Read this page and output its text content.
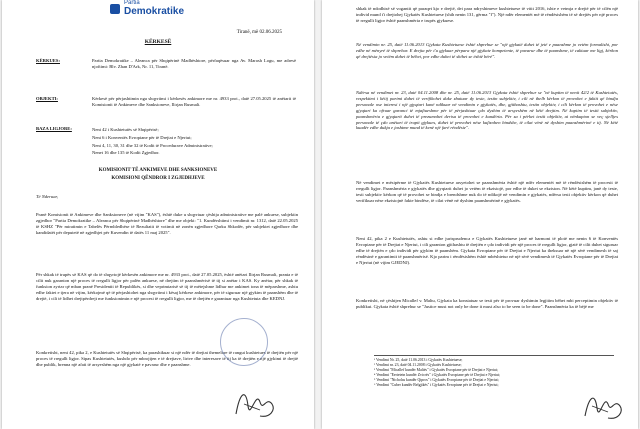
Partia
Demokratike
Tiranë, më 02.06.2025
KËRKESË
KËRKUES:	Partia Demokratike – Aleanca për Shqipërinë Madhështore, përfaqësuar nga Av. Marash Logu, me adresë njoftimi: Blv. Zhan D'Ark, Nr. 11, Tiranë.
OBJEKTI:	Kërkesë për përjashtimin nga shqyrtimi i kërkesës ankimore me nr. 4933 prot., datë 27.05.2025 të anëtarit të Komisionit të Ankimeve dhe Sanksioneve, Ilirjan Rusmali.
BAZA LIGJORE:	Neni 42 i Kushtetutës së Shqipërisë;
Neni 6 i Konventës Evropiane për të Drejtat e Njeriut;
Neni 4, 11, 30, 31 dhe 32 të Kodit të Procedurave Administrative;
Nenet 16 dhe 135 të Kodit Zgjedhor.
KOMISIONIT TË ANKIMEVE DHE SANKSIONEVE
KOMISIONI QËNDROR I ZGJEDHJEVE
Të Nderuar,
Pranë Komisionit të Ankimeve dhe Sanksioneve (në vijim "KAS"), është duke u shqyrtuar çështja administrative me palë ankuese, subjektin zgjedhor "Partia Demokratike – Aleanca për Shqipërinë Madhështore" dhe me objekt: "1. Kundërshtimi i vendimit nr. 1312, datë 22.05.2025 të KSHZ "Për miratimin e Tabelës Përmbledhëse të Rezultatit të votimit në zonën zgjedhore Qarku Shkodër, për subjektet zgjedhore dhe kandidatët për deputetë në zgjedhjet për Kuvendin të datës 11 maj 2025".
Për shkak të trupës së KAS që do të shqyrtojë kërkesën ankimore me nr. 4933 prot., datë 27.05.2025, është anëtari Ilirjan Rusmali, prania e të cilit nuk garanton një proces të rregullt ligjor për palën ankuese, në drejtim të paanshmërisë të tij si anëtar i KAS. Ky anëtar, për shkak të funksion zyrtar që mban pranë Presidentit të Republikës, si dhe veprimtarisë së tij të mëtejshme lidhur me ankimet tona të mëparshme, ashtu edhe faktet e tjera në vijim, kërkojmë që të përjashtohet nga shqyrtimi i kësaj kërkese ankimore, për të siguruar një gjykim të paanshëm dhe të drejtë, i cili të lidhet drejtpërdrejt me funksionimin e një procesi të rregullt ligjor, me të drejtën e garantuar nga Kushtetuta dhe KEDNJ.
Konkretisht, neni 42, pika 2, e Kushtetutës së Shqipërisë, ka parashikuar si një ndër të drejtat themelore të rangut kushtetues të drejtën për një proces të rregullt ligjor. Sipas Kushtetutës, kushdo për mbrojtjen e të drejtave, lirive dhe interesave të tij ka të drejtën e një gjykimi të drejtë dhe publik, brenna një afati të arsyeshëm nga një gjykatë e pavarur dhe e paanshme.
shkak të ndodhisë së vogantit që paraqet kjo e drejtë, dei para ndryshimeve kushtetuese të vitit 2016, ishte e vetmja e drejtë për të cilën një individ mund t'i drejtohej Gjykatës Kushtetuese (shih nenin 131, gërma "f"). Një ndër elementët më të rëndësishëm të së drejtës për një proces të rregullt ligjor është paanshmëria e trupës gjykuese.
Në vendimin nr. 25, datë 11.06.2013 Gjykata Kushtetuese është shprehur se "një gjykatë duhet të jetë e paanshme jo vetëm formalisht, por edhe në mënyrë të shprehur. E drejta për t'u gjykuar përpara një gjykate kompetente, të pavarur dhe të paanshme, të caktuar me ligj, kërkon që drejtësia jo vetëm duhet të bëhet, por edhe duhet të shihet se është bërë".
Ndërsa në vendimet nr. 23, datë 04.11.2008 dhe nr. 25, datë 11.06.2013 Gjykata është shprehur se "në kuptim të nenit 42/2 të Kushtetutës, respektimi i këtij parimi duhet të verifikohet duke zbatuar dy teste, testin subjektiv, i cili në thelb kërkon të provohet e faktit që bindja personale ose interesi i një gjyqtari kanë ndikuar në vendimin e gjykatës, dhe, gjithashtu, testin objektiv, i cili kërkon të provohet e nëse gjyqtari ka ofruar garanci të mjaftueshme për të përjashtuar çdo dyshim të arsyeshëm në këtë drejtim. Në kuptim të testit subjektiv, paanshmëria e gjyqtarit duhet të prezumohet derisa të provohet e kundërta. Për sa i përket testit objektiv, ai nënkupton se veç sjelljes personale të çdo anëtari të trupit gjykues, duhet të provohet nëse kufizohen bindshe, të cilat vënë në dyshim paanshmërinë e tij. Në këtë kuadër edhe dukja e jashtme mund të kenë një farë rëndësie".
Në vendimet e mësipërme të Gjykatës Kushtetuese arsyetohet se paanshmëria është një ndër elementët më të rëndësishëm të procesit të rregullt ligjor. Paanshmëria e gjykatës dhe gjyqtarit duhet jo vetëm të ekzistojë, por edhe të duket se ekziston. Në këtë kuptim, janë dy teste, testi subjektiv kërkon që të provohet se bindja e brendshme nuk do të ndikojë në vendimin e gjykatës, ndërsa testi objektiv kërkon që duhet verifikuar nëse ekzistojnë fakte bindëse, të cilat vënë në dyshim paanshmërinë e gjykatës.
Neni 42, pika 2 e Kushtetutës, ashtu si edhe jurisprudenca e Gjykatës Kushtetuese janë në harmoni të plotë me nenin 6 të Konventës Evropiane për të Drejtat e Njeriut, i cili garanton gjithashtu të drejtën e çdo individi për një proces të rregullt ligjor, gjatë të cilit duhet siguruar edhe të drejtën e çdo individi për gjykim të paanshëm. Gjykata Evropiane për të Drejtat e Njeriut ka theksuar në një sërë vendimesh të saj rëndësinë e garantimit të paanshmërisë. Kjo parim i rëndësishëm është mbështetur në një sërë vendimesh të Gjykatës Evropiane për të Drejtat e Njeriut (në vijim GJEDNJ).
Konkretisht, në çështjen Micallef v. Maltu, Gjykata ka konstatuar se testi për të provuar dyshimin legjitim bëhet mbi perceptimin objektiv të publikut. Gjykata është shprehur se "Justice must not only be done it must also to be seen to be done". Paanshmëria ka të bëjë me
¹ Vendimi Nr. 25, datë 11.06.2013 i Gjykatës Kushtetuese;
² Vendimi nr. 23, datë 04.11.2008 i Gjykatës Kushtetuese;
³ Vendimi "Micallef kundër Maltës" i Gjykatës Evropiane për të Drejtat e Njeriut;
⁴ Vendimi "Eertetein kundër Zvicrës" i Gjykatës Evropiane për të Drejtat e Njeriut;
⁵ Vendimi "Nicholas kundër Qipros" i Gjykatës Evropiane për të Drejtat e Njeriut;
⁶ Vendimi "Cuber kundër Belgjikës" i Gjykatës Evropiane për të Drejtat e Njeriut;
